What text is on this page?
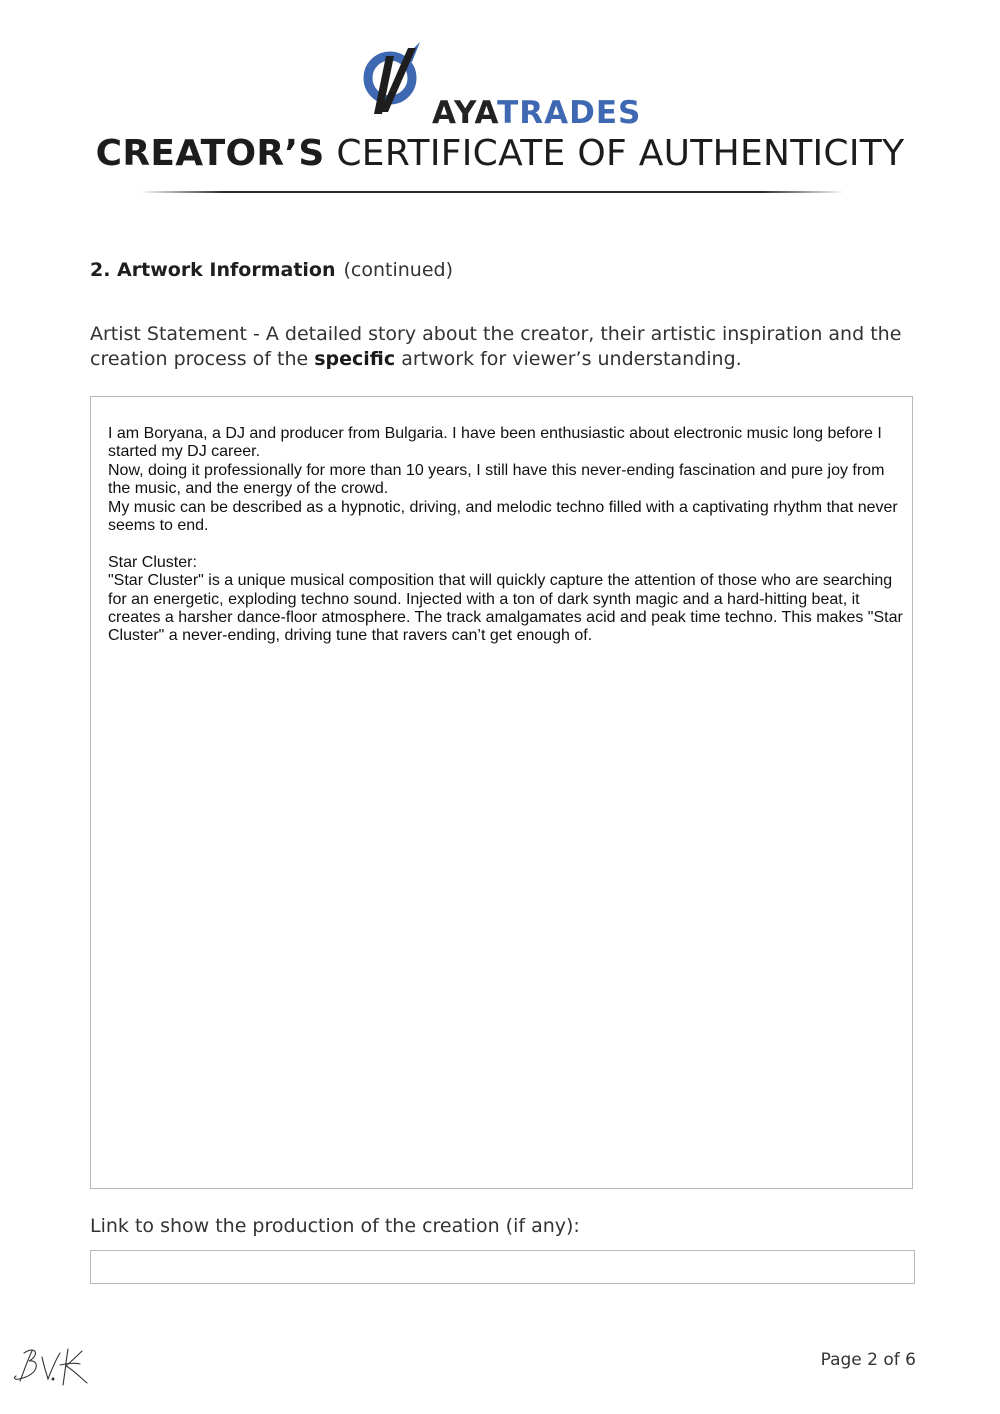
AYATRADES
CREATOR’S CERTIFICATE OF AUTHENTICITY
2. Artwork Information (continued)
Artist Statement - A detailed story about the creator, their artistic inspiration and the creation process of the specific artwork for viewer’s understanding.

I am Boryana, a DJ and producer from Bulgaria. I have been enthusiastic about electronic music long before I started my DJ career.

Now, doing it professionally for more than 10 years, I still have this never-ending fascination and pure joy from the music, and the energy of the crowd.

My music can be described as a hypnotic, driving, and melodic techno filled with a captivating rhythm that never seems to end.

Star Cluster:

"Star Cluster" is a unique musical composition that will quickly capture the attention of those who are searching for an energetic, exploding techno sound. Injected with a ton of dark synth magic and a hard-hitting beat, it creates a harsher dance-floor atmosphere. The track amalgamates acid and peak time techno. This makes "Star Cluster" a never-ending, driving tune that ravers can’t get enough of.

Link to show the production of the creation (if any):
Page 2 of 6
